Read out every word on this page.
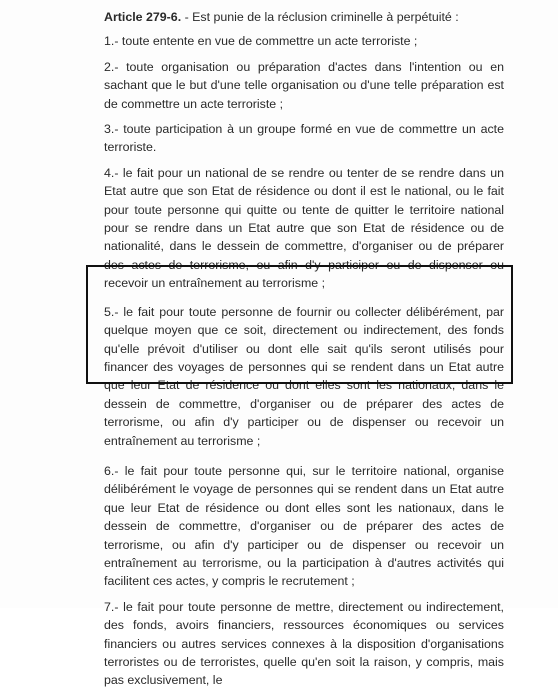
Article 279-6. - Est punie de la réclusion criminelle à perpétuité :

1.- toute entente en vue de commettre un acte terroriste ;

2.- toute organisation ou préparation d'actes dans l'intention ou en sachant que le but d'une telle organisation ou d'une telle préparation est de commettre un acte terroriste ;

3.- toute participation à un groupe formé en vue de commettre un acte terroriste.

4.- le fait pour un national de se rendre ou tenter de se rendre dans un Etat autre que son Etat de résidence ou dont il est le national, ou le fait pour toute personne qui quitte ou tente de quitter le territoire national pour se rendre dans un Etat autre que son Etat de résidence ou de nationalité, dans le dessein de commettre, d'organiser ou de préparer des actes de terrorisme, ou afin d'y participer ou de dispenser ou recevoir un entraînement au terrorisme ;

5.- le fait pour toute personne de fournir ou collecter délibérément, par quelque moyen que ce soit, directement ou indirectement, des fonds qu'elle prévoit d'utiliser ou dont elle sait qu'ils seront utilisés pour financer des voyages de personnes qui se rendent dans un Etat autre que leur Etat de résidence ou dont elles sont les nationaux, dans le dessein de commettre, d'organiser ou de préparer des actes de terrorisme, ou afin d'y participer ou de dispenser ou recevoir un entraînement au terrorisme ;

6.- le fait pour toute personne qui, sur le territoire national, organise délibérément le voyage de personnes qui se rendent dans un Etat autre que leur Etat de résidence ou dont elles sont les nationaux, dans le dessein de commettre, d'organiser ou de préparer des actes de terrorisme, ou afin d'y participer ou de dispenser ou recevoir un entraînement au terrorisme, ou la participation à d'autres activités qui facilitent ces actes, y compris le recrutement ;

7.- le fait pour toute personne de mettre, directement ou indirectement, des fonds, avoirs financiers, ressources économiques ou services financiers ou autres services connexes à la disposition d'organisations terroristes ou de terroristes, quelle qu'en soit la raison, y compris, mais pas exclusivement, le
